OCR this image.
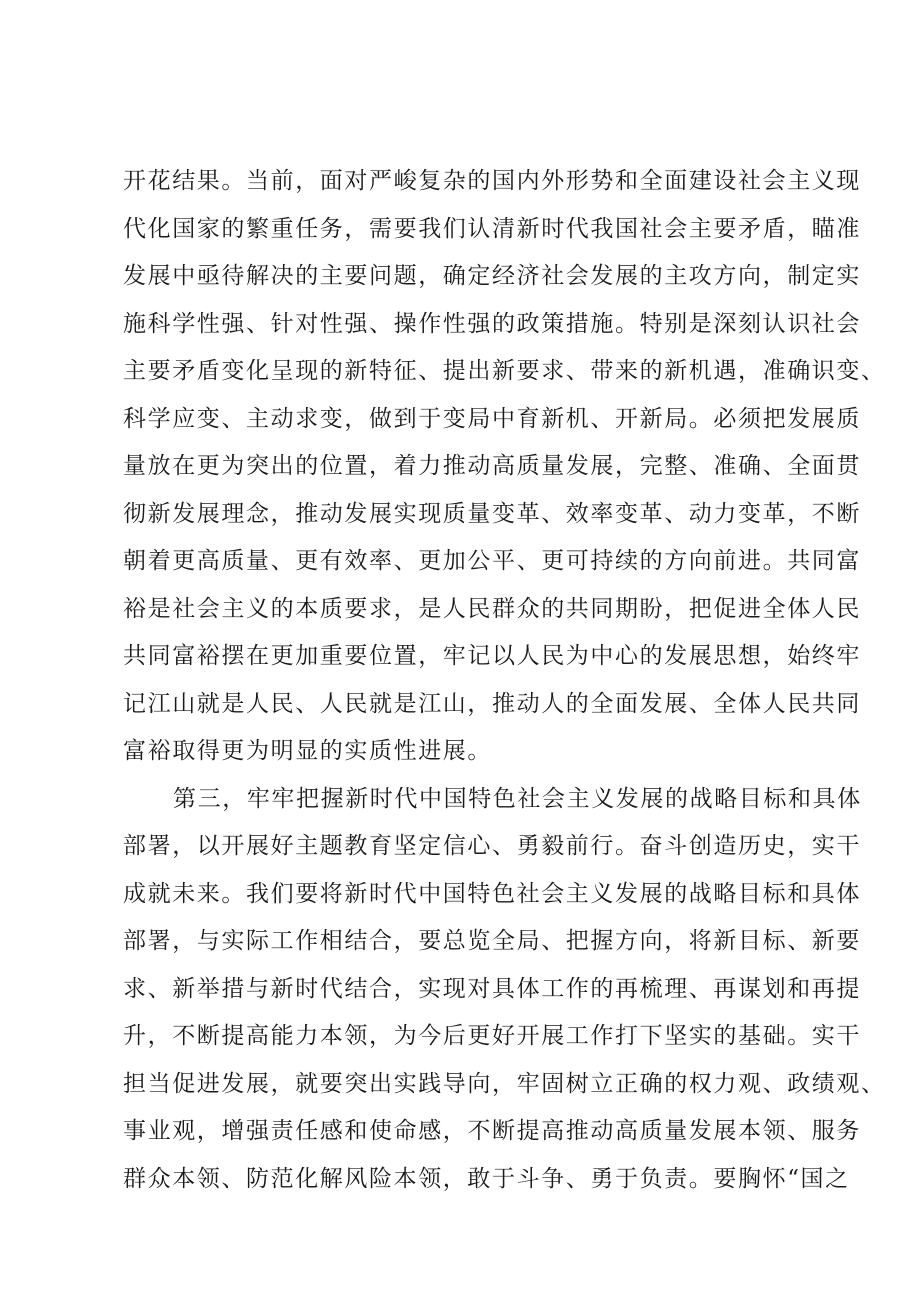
开花结果。当前，面对严峻复杂的国内外形势和全面建设社会主义现
代化国家的繁重任务，需要我们认清新时代我国社会主要矛盾，瞄准
发展中亟待解决的主要问题，确定经济社会发展的主攻方向，制定实
施科学性强、针对性强、操作性强的政策措施。特别是深刻认识社会
主要矛盾变化呈现的新特征、提出新要求、带来的新机遇，准确识变、
科学应变、主动求变，做到于变局中育新机、开新局。必须把发展质
量放在更为突出的位置，着力推动高质量发展，完整、准确、全面贯
彻新发展理念，推动发展实现质量变革、效率变革、动力变革，不断
朝着更高质量、更有效率、更加公平、更可持续的方向前进。共同富
裕是社会主义的本质要求，是人民群众的共同期盼，把促进全体人民
共同富裕摆在更加重要位置，牢记以人民为中心的发展思想，始终牢
记江山就是人民、人民就是江山，推动人的全面发展、全体人民共同
富裕取得更为明显的实质性进展。
第三，牢牢把握新时代中国特色社会主义发展的战略目标和具体
部署，以开展好主题教育坚定信心、勇毅前行。奋斗创造历史，实干
成就未来。我们要将新时代中国特色社会主义发展的战略目标和具体
部署，与实际工作相结合，要总览全局、把握方向，将新目标、新要
求、新举措与新时代结合，实现对具体工作的再梳理、再谋划和再提
升，不断提高能力本领，为今后更好开展工作打下坚实的基础。实干
担当促进发展，就要突出实践导向，牢固树立正确的权力观、政绩观、
事业观，增强责任感和使命感，不断提高推动高质量发展本领、服务
群众本领、防范化解风险本领，敢于斗争、勇于负责。要胸怀“国之
